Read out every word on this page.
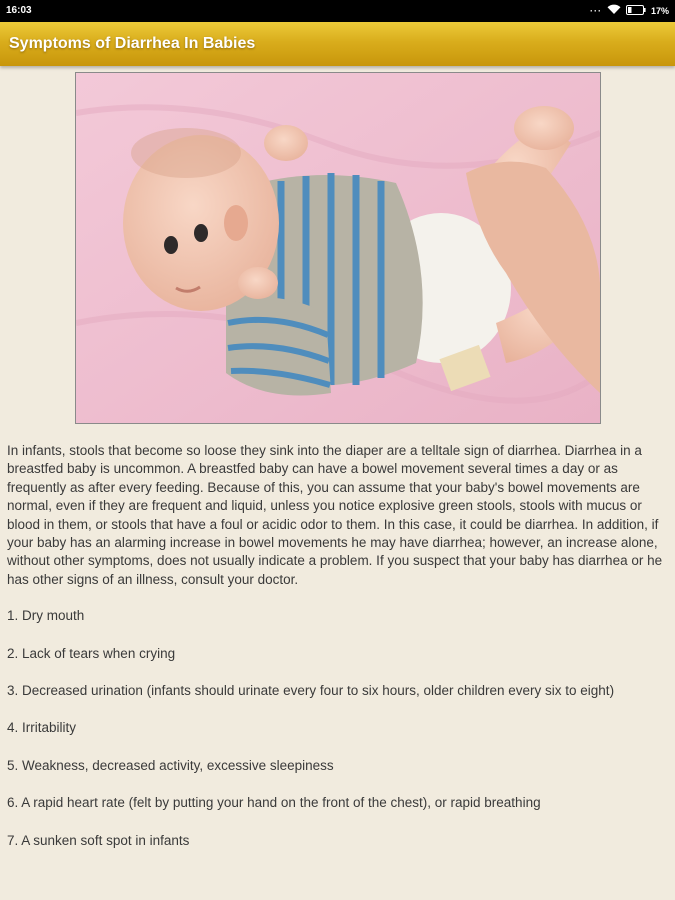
16:03	···	17%
Symptoms of Diarrhea In Babies

In infants, stools that become so loose they sink into the diaper are a telltale sign of diarrhea. Diarrhea in a breastfed baby is uncommon. A breastfed baby can have a bowel movement several times a day or as frequently as after every feeding. Because of this, you can assume that your baby's bowel movements are normal, even if they are frequent and liquid, unless you notice explosive green stools, stools with mucus or blood in them, or stools that have a foul or acidic odor to them. In this case, it could be diarrhea. In addition, if your baby has an alarming increase in bowel movements he may have diarrhea; however, an increase alone, without other symptoms, does not usually indicate a problem. If you suspect that your baby has diarrhea or he has other signs of an illness, consult your doctor.

1. Dry mouth

2. Lack of tears when crying

3. Decreased urination (infants should urinate every four to six hours, older children every six to eight)

4. Irritability

5. Weakness, decreased activity, excessive sleepiness

6. A rapid heart rate (felt by putting your hand on the front of the chest), or rapid breathing

7. A sunken soft spot in infants
